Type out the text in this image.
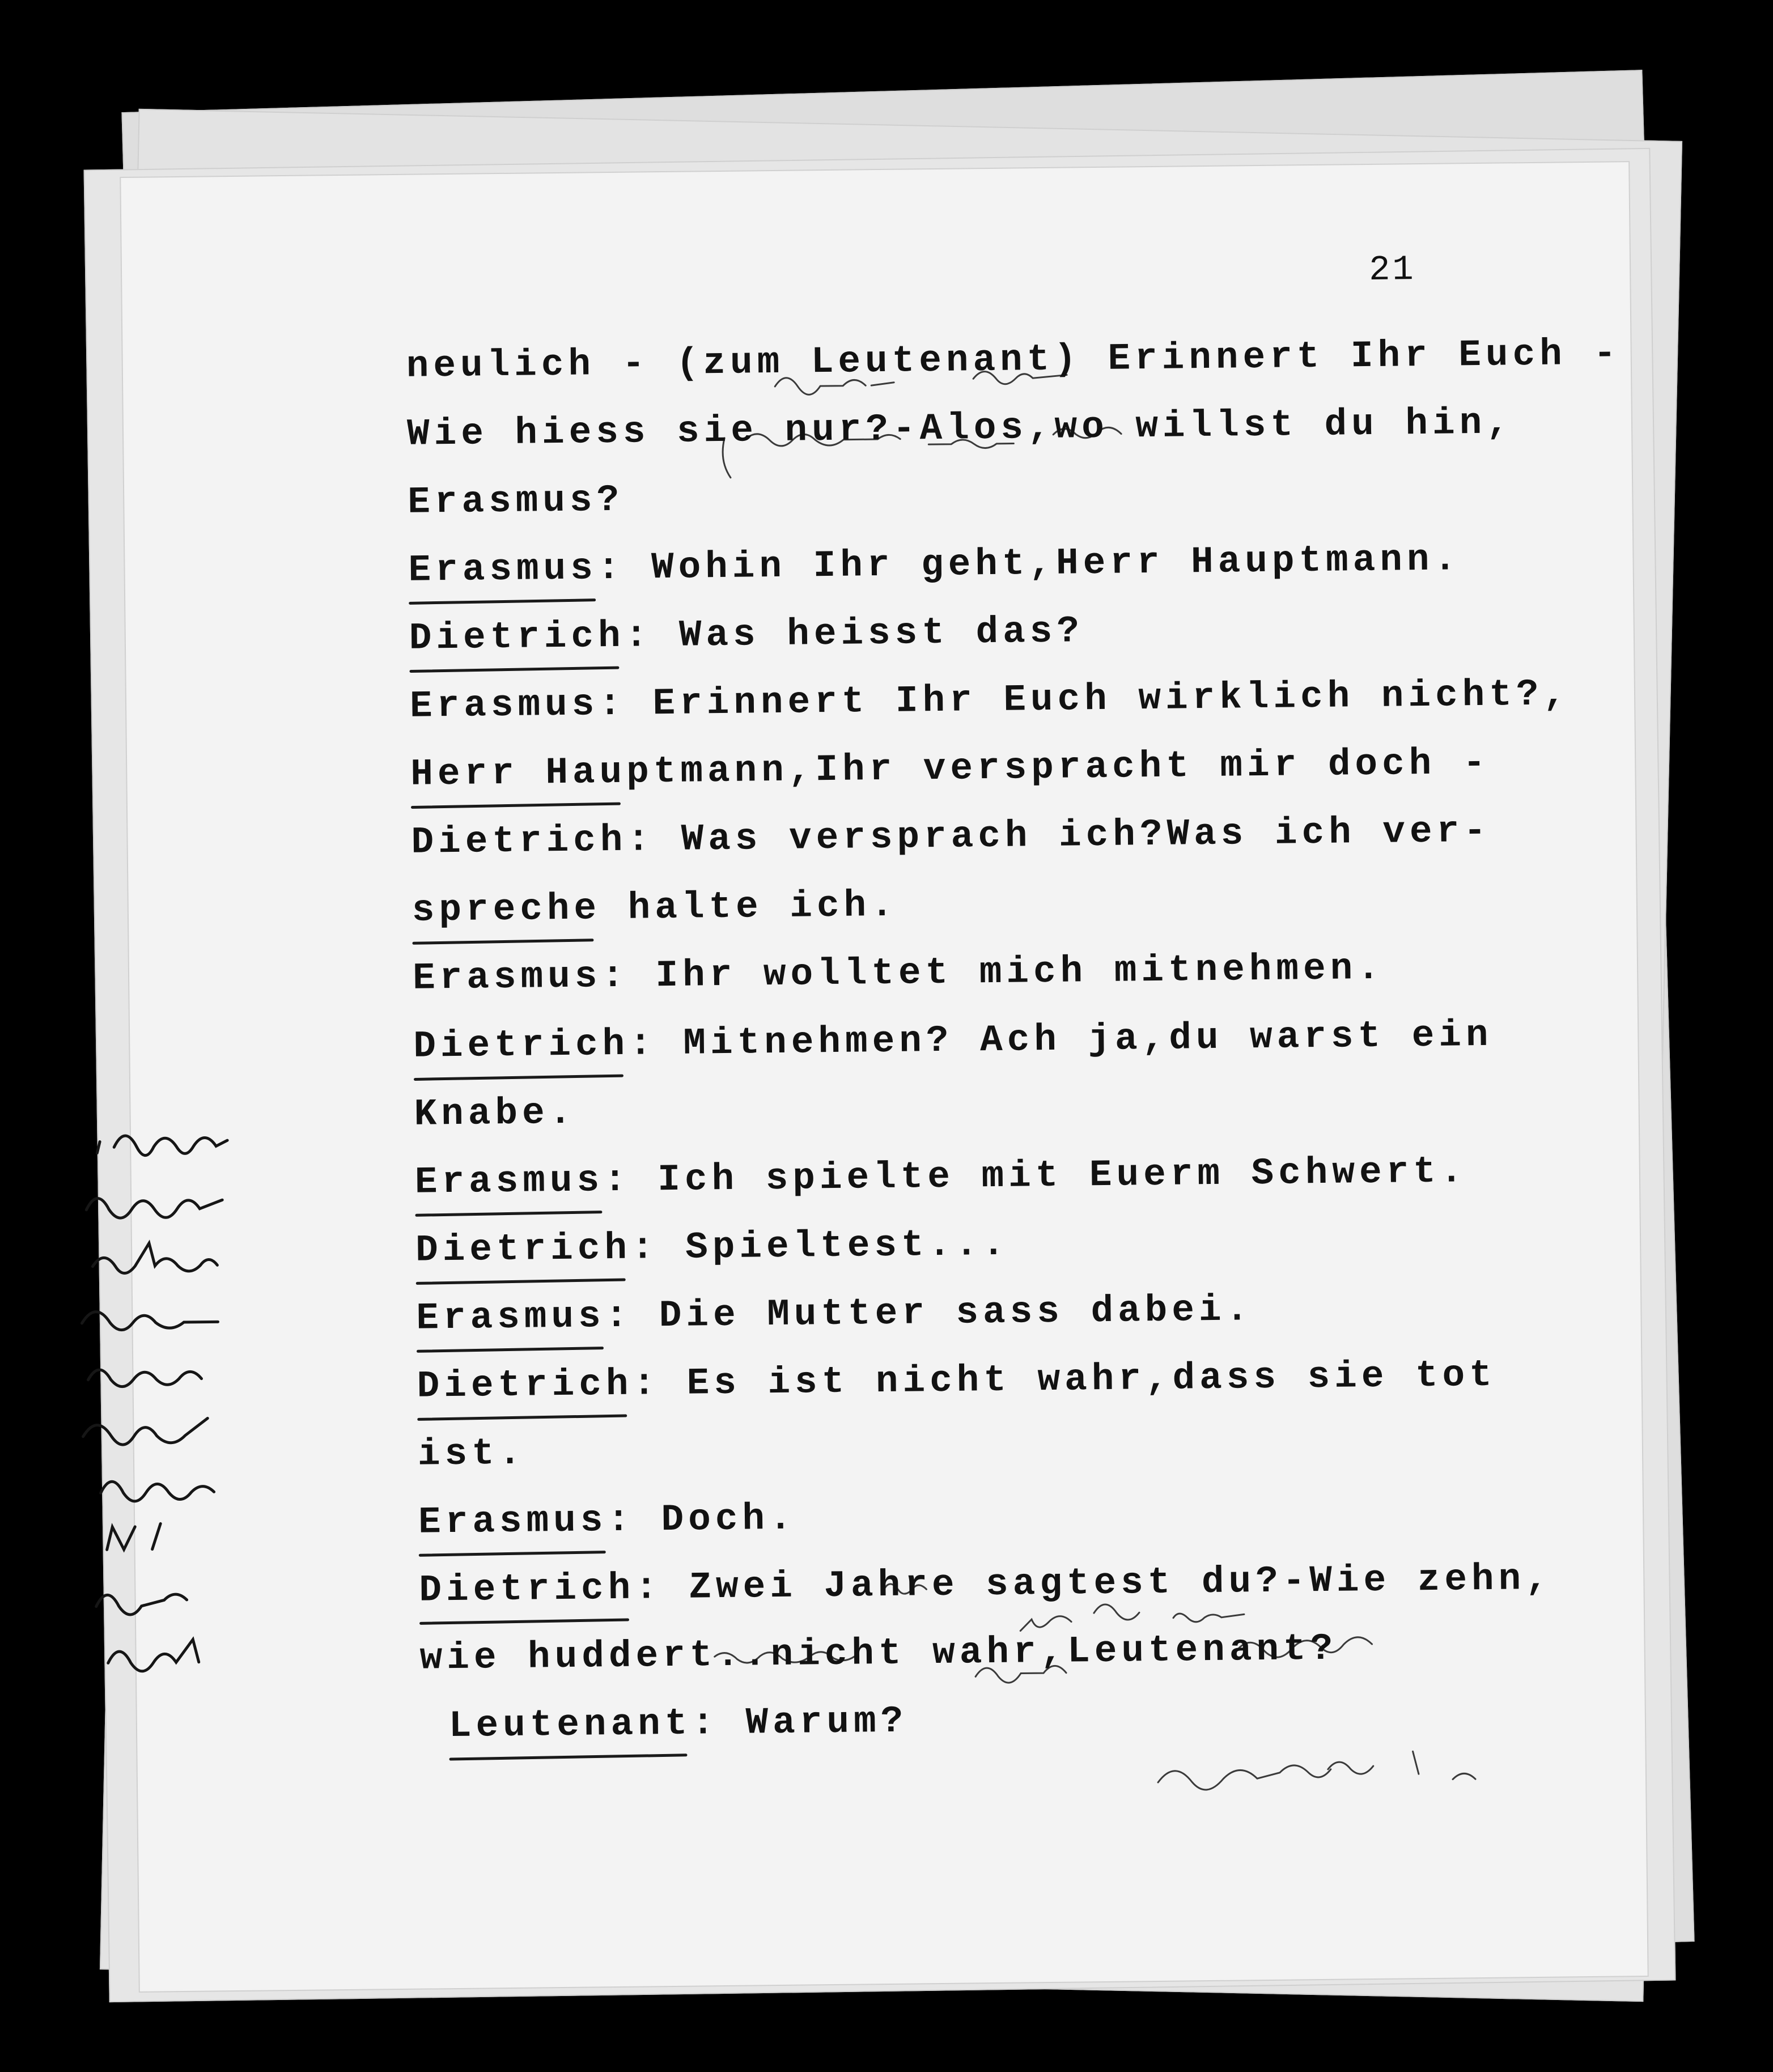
21
neulich - (zum Leutenant) Erinnert Ihr Euch -
Wie hiess sie nur?-Alos,wo willst du hin,
Erasmus?
Erasmus: Wohin Ihr geht,Herr Hauptmann.
Dietrich: Was heisst das?
Erasmus: Erinnert Ihr Euch wirklich nicht?,
Herr Hauptmann,Ihr verspracht mir doch -
Dietrich: Was versprach ich?Was ich ver-
spreche halte ich.
Erasmus: Ihr wolltet mich mitnehmen.
Dietrich: Mitnehmen? Ach ja,du warst ein
Knabe.
Erasmus: Ich spielte mit Euerm Schwert.
Dietrich: Spieltest...
Erasmus: Die Mutter sass dabei.
Dietrich: Es ist nicht wahr,dass sie tot
ist.
Erasmus: Doch.
Dietrich: Zwei Jahre sagtest du?-Wie zehn,
wie huddert..nicht wahr,Leutenant?
Leutenant: Warum?
